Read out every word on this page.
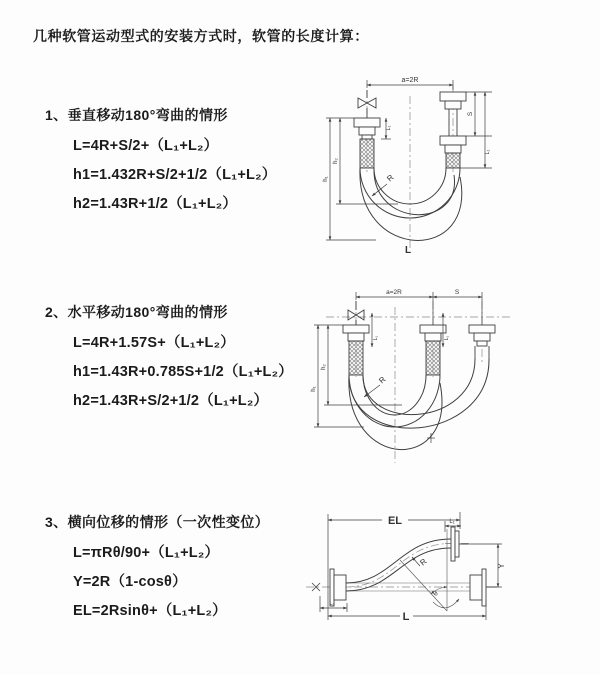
几种软管运动型式的安装方式时，软管的长度计算：
1、垂直移动180°弯曲的情形
L=4R+S/2+（L₁+L₂）
h1=1.432R+S/2+1/2（L₁+L₂）
h2=1.43R+1/2（L₁+L₂）
2、水平移动180°弯曲的情形
L=4R+1.57S+（L₁+L₂）
h1=1.43R+0.785S+1/2（L₁+L₂）
h2=1.43R+S/2+1/2（L₁+L₂）
3、横向位移的情形（一次性变位）
L=πRθ/90+（L₁+L₂）
Y=2R（1-cosθ）
EL=2Rsinθ+（L₁+L₂）
a=2R
S
L₁
L₁
h₂
h₁	R
L
a=2R	S
h₂
h₁
L₁	L₁
R
EL	L₁
Y
R
θ
L
L₁
